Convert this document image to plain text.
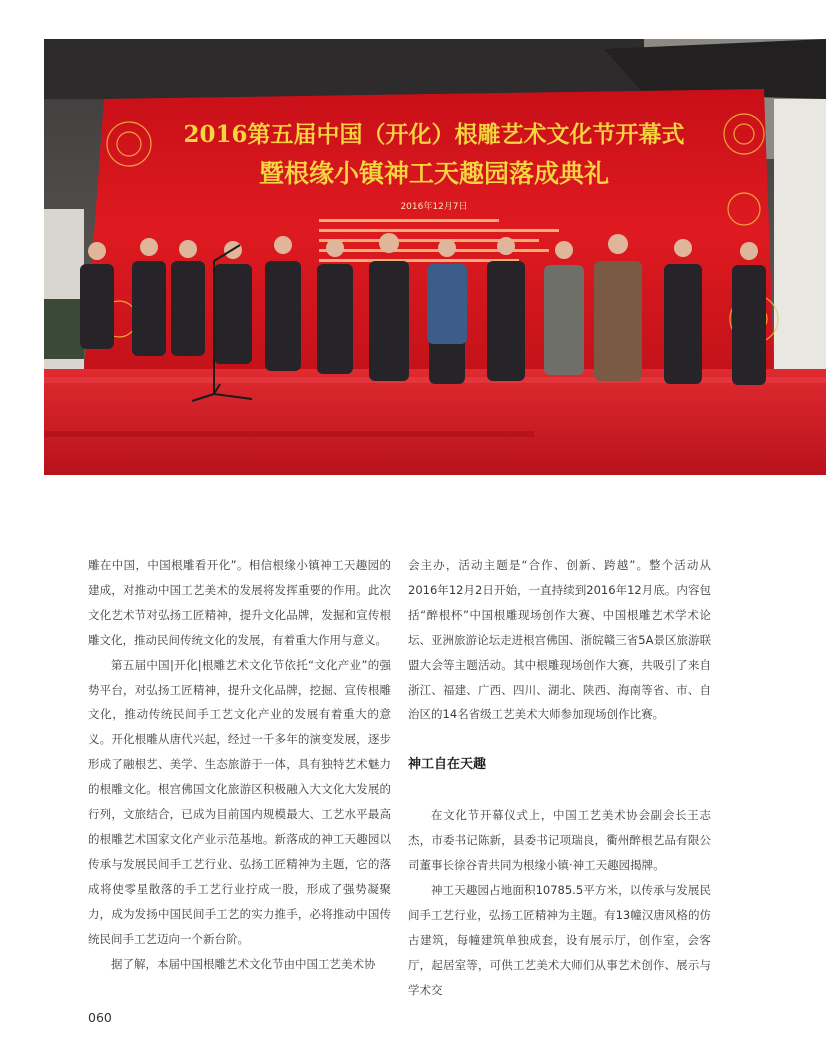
2016第五届中国（开化）根雕艺术文化节开幕式
暨根缘小镇神工天趣园落成典礼
2016年12月7日

雕在中国，中国根雕看开化”。相信根缘小镇神工天趣园的建成，对推动中国工艺美术的发展将发挥重要的作用。此次文化艺术节对弘扬工匠精神，提升文化品牌，发掘和宣传根雕文化，推动民间传统文化的发展，有着重大作用与意义。

第五届中国|开化|根雕艺术文化节依托“文化产业”的强势平台，对弘扬工匠精神，提升文化品牌，挖掘、宣传根雕文化，推动传统民间手工艺文化产业的发展有着重大的意义。开化根雕从唐代兴起，经过一千多年的演变发展，逐步形成了融根艺、美学、生态旅游于一体，具有独特艺术魅力的根雕文化。根宫佛国文化旅游区积极融入大文化大发展的行列，文旅结合，已成为目前国内规模最大、工艺水平最高的根雕艺术国家文化产业示范基地。新落成的神工天趣园以传承与发展民间手工艺行业、弘扬工匠精神为主题，它的落成将使零星散落的手工艺行业拧成一股，形成了强势凝聚力，成为发扬中国民间手工艺的实力推手，必将推动中国传统民间手工艺迈向一个新台阶。

据了解，本届中国根雕艺术文化节由中国工艺美术协

会主办，活动主题是“合作、创新、跨越”。整个活动从2016年12月2日开始，一直持续到2016年12月底。内容包括“醉根杯”中国根雕现场创作大赛、中国根雕艺术学术论坛、亚洲旅游论坛走进根宫佛国、浙皖赣三省5A景区旅游联盟大会等主题活动。其中根雕现场创作大赛，共吸引了来自浙江、福建、广西、四川、湖北、陕西、海南等省、市、自治区的14名省级工艺美术大师参加现场创作比赛。

神工自在天趣

在文化节开幕仪式上，中国工艺美术协会副会长王志杰，市委书记陈新，县委书记项瑞良，衢州醉根艺品有限公司董事长徐谷青共同为根缘小镇·神工天趣园揭牌。

神工天趣园占地面积10785.5平方米，以传承与发展民间手工艺行业，弘扬工匠精神为主题。有13幢汉唐风格的仿古建筑，每幢建筑单独成套，设有展示厅，创作室，会客厅，起居室等，可供工艺美术大师们从事艺术创作、展示与学术交

060
